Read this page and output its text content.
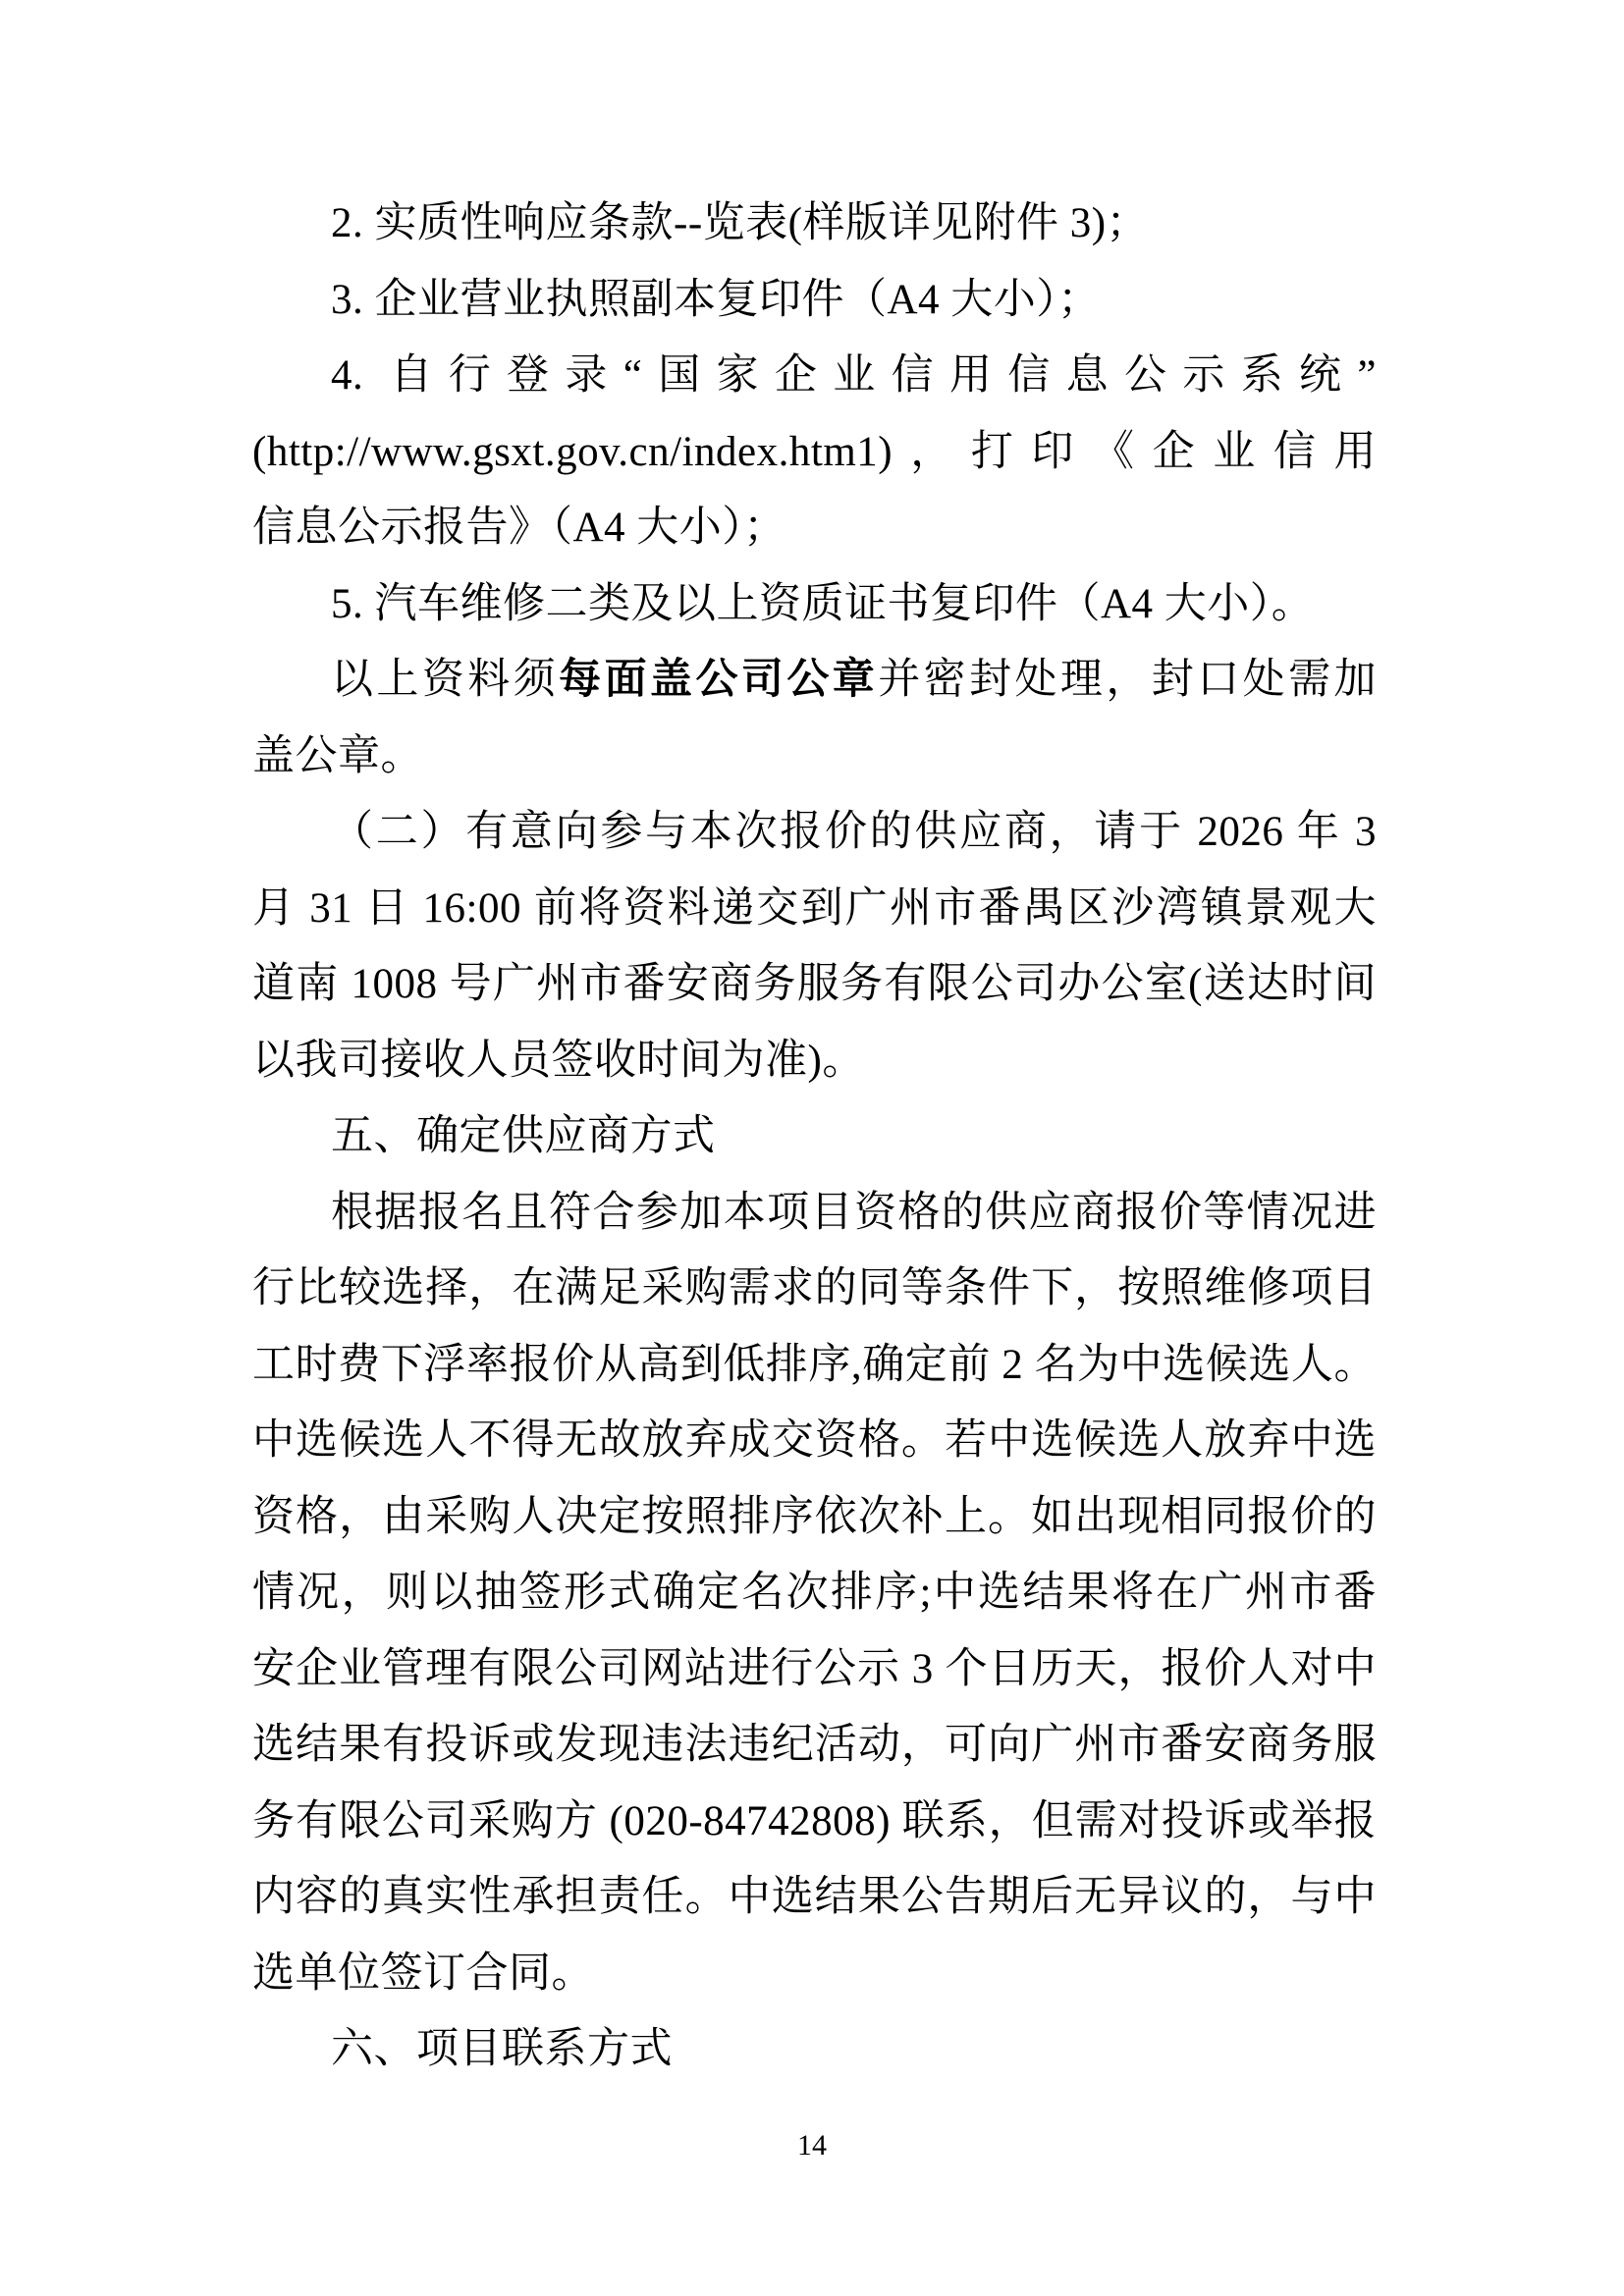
2. 实质性响应条款--览表(样版详见附件 3)；
3. 企业营业执照副本复印件（A4 大小）；
4. 自行登录“国家企业信用信息公示系统”
(http://www.gsxt.gov.cn/index.htm1)，打印《企业信用
信息公示报告》（A4 大小）；
5. 汽车维修二类及以上资质证书复印件（A4 大小）。
以上资料须每面盖公司公章并密封处理，封口处需加
盖公章。
（二）有意向参与本次报价的供应商，请于 2026 年 3
月 31 日 16:00 前将资料递交到广州市番禺区沙湾镇景观大
道南 1008 号广州市番安商务服务有限公司办公室(送达时间
以我司接收人员签收时间为准)。
五、确定供应商方式
根据报名且符合参加本项目资格的供应商报价等情况进
行比较选择，在满足采购需求的同等条件下，按照维修项目
工时费下浮率报价从高到低排序,确定前 2 名为中选候选人。
中选候选人不得无故放弃成交资格。若中选候选人放弃中选
资格，由采购人决定按照排序依次补上。如出现相同报价的
情况，则以抽签形式确定名次排序;中选结果将在广州市番
安企业管理有限公司网站进行公示 3 个日历天，报价人对中
选结果有投诉或发现违法违纪活动，可向广州市番安商务服
务有限公司采购方 (020-84742808) 联系，但需对投诉或举报
内容的真实性承担责任。中选结果公告期后无异议的，与中
选单位签订合同。
六、项目联系方式
14
